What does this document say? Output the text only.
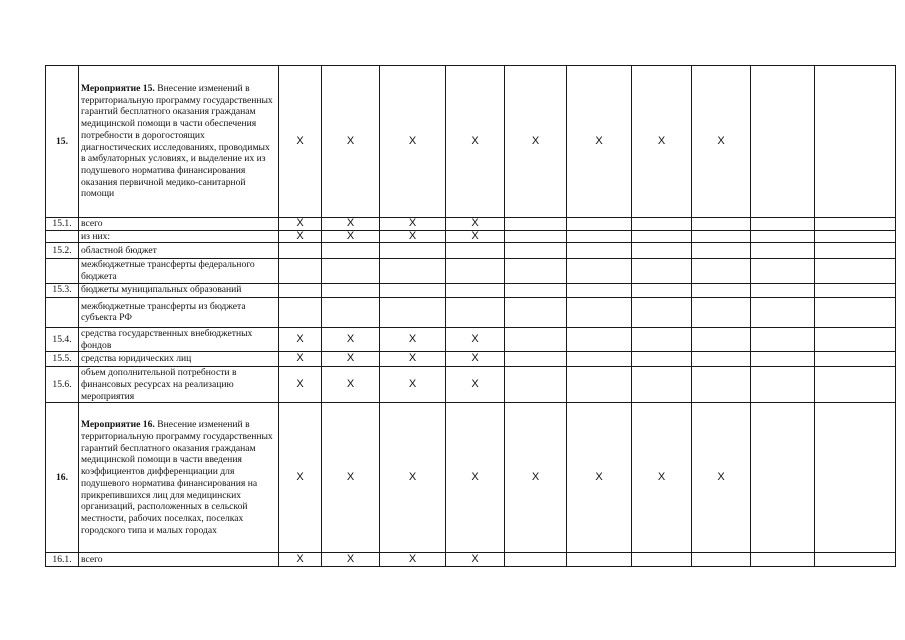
15.	Мероприятие 15. Внесение изменений в территориальную программу государственных гарантий бесплатного оказания гражданам медицинской помощи в части обеспечения потребности в дорогостоящих диагностических исследованиях, проводимых в амбулаторных условиях, и выделение их из подушевого норматива финансирования оказания первичной медико-санитарной помощи	X	X	X	X	X	X	X	X		
15.1.	всего	X	X	X	X						
	из них:	X	X	X	X						
15.2.	областной бюджет										
	межбюджетные трансферты федерального бюджета										
15.3.	бюджеты муниципальных образований										
	межбюджетные трансферты из бюджета субъекта РФ										
15.4.	средства государственных внебюджетных фондов	X	X	X	X						
15.5.	средства юридических лиц	X	X	X	X						
15.6.	объем дополнительной потребности в финансовых ресурсах на реализацию мероприятия	X	X	X	X						
16.	Мероприятие 16. Внесение изменений в территориальную программу государственных гарантий бесплатного оказания гражданам медицинской помощи в части введения коэффициентов дифференциации для подушевого норматива финансирования на прикрепившихся лиц для медицинских организаций, расположенных в сельской местности, рабочих поселках, поселках городского типа и малых городах	X	X	X	X	X	X	X	X		
16.1.	всего	X	X	X	X						
